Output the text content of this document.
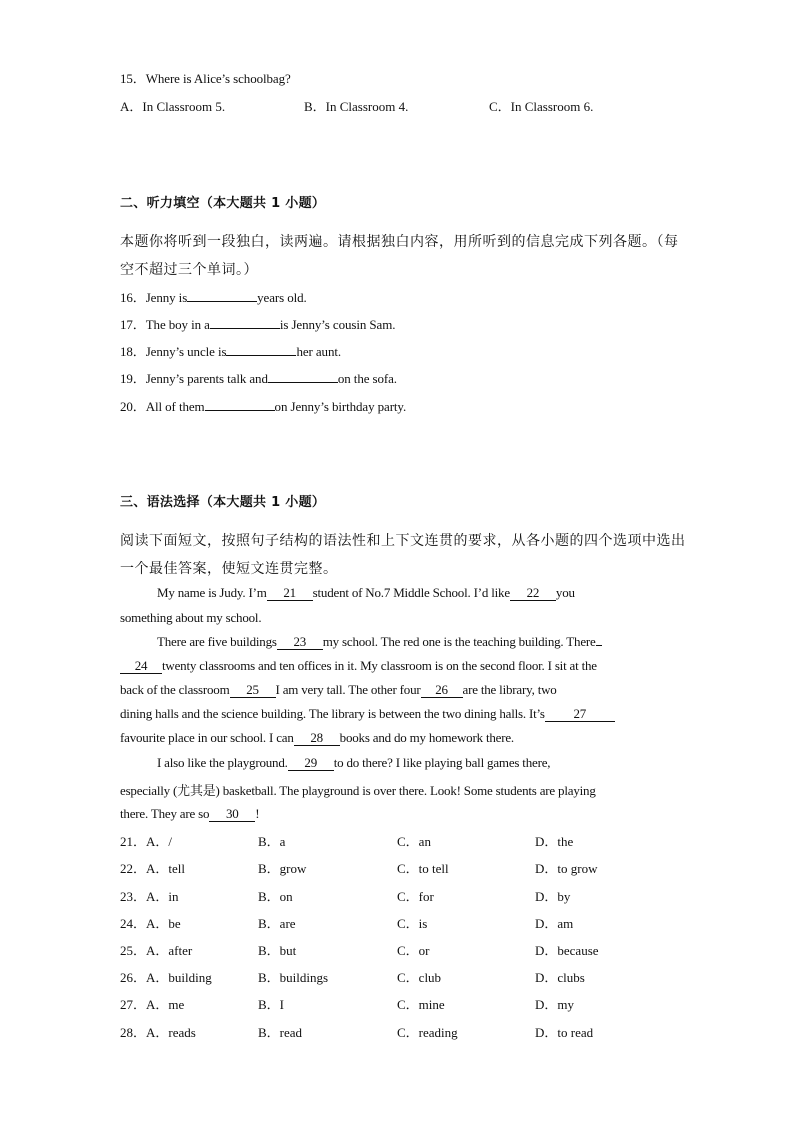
15．Where is Alice’s schoolbag?
A．In Classroom 5.	B．In Classroom 4.	C．In Classroom 6.
二、听力填空（本大题共 1 小题）
本题你将听到一段独白，读两遍。请根据独白内容，用所听到的信息完成下列各题。（每
空不超过三个单词。）
16．Jenny is	years old.
17．The boy in a	is Jenny’s cousin Sam.
18．Jenny’s uncle is	her aunt.
19．Jenny’s parents talk and	on the sofa.
20．All of them	on Jenny’s birthday party.
三、语法选择（本大题共 1 小题）
阅读下面短文，按照句子结构的语法性和上下文连贯的要求，从各小题的四个选项中选出
一个最佳答案，使短文连贯完整。
My name is Judy. I’m 21 student of No.7 Middle School. I’d like 22 you
something about my school.
There are five buildings 23 my school. The red one is the teaching building. There
24 twenty classrooms and ten offices in it. My classroom is on the second floor. I sit at the
back of the classroom 25 I am very tall. The other four 26 are the library, two
dining halls and the science building. The library is between the two dining halls. It’s 27
favourite place in our school. I can 28 books and do my homework there.
I also like the playground. 29 to do there? I like playing ball games there,
especially (尤其是) basketball. The playground is over there. Look! Some students are playing
there. They are so 30 !
21．A．/	B．a	C．an	D．the
22．A．tell	B．grow	C．to tell	D．to grow
23．A．in	B．on	C．for	D．by
24．A．be	B．are	C．is	D．am
25．A．after	B．but	C．or	D．because
26．A．building	B．buildings	C．club	D．clubs
27．A．me	B．I	C．mine	D．my
28．A．reads	B．read	C．reading	D．to read
